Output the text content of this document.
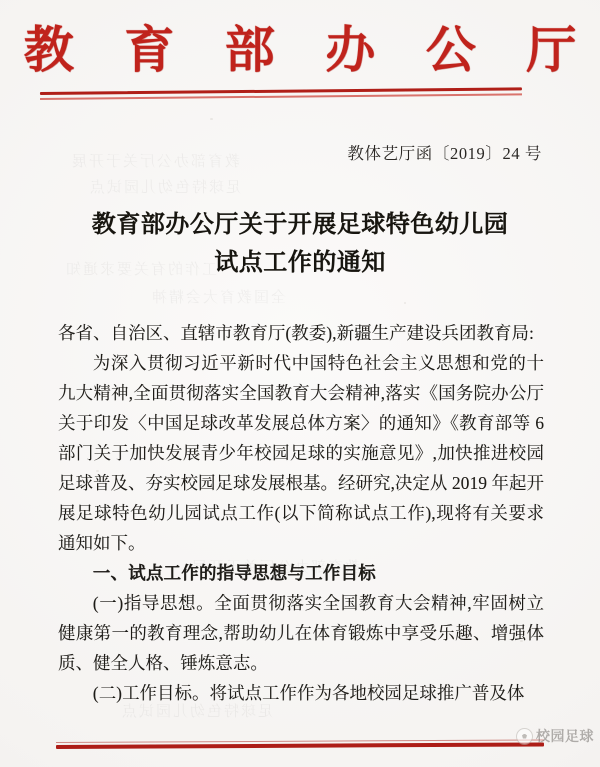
教 育 部 办 公 厅
教体艺厅函〔2019〕24 号
教育部办公厅关于开展足球特色幼儿园
试点工作的通知

各省、自治区、直辖市教育厅(教委),新疆生产建设兵团教育局:

为深入贯彻习近平新时代中国特色社会主义思想和党的十九大精神,全面贯彻落实全国教育大会精神,落实《国务院办公厅关于印发〈中国足球改革发展总体方案〉的通知》《教育部等 6 部门关于加快发展青少年校园足球的实施意见》,加快推进校园足球普及、夯实校园足球发展根基。经研究,决定从 2019 年起开展足球特色幼儿园试点工作(以下简称试点工作),现将有关要求通知如下。

一、试点工作的指导思想与工作目标

(一)指导思想。全面贯彻落实全国教育大会精神,牢固树立健康第一的教育理念,帮助幼儿在体育锻炼中享受乐趣、增强体质、健全人格、锤炼意志。

(二)工作目标。将试点工作作为各地校园足球推广普及体

校园足球
